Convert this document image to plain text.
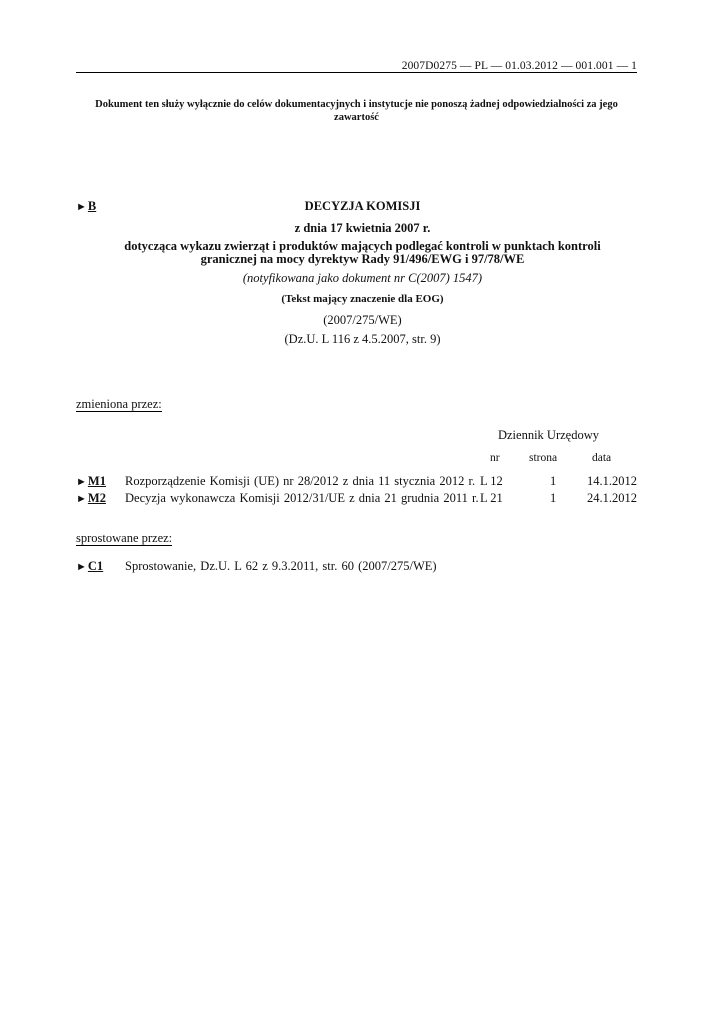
2007D0275 — PL — 01.03.2012 — 001.001 — 1
Dokument ten służy wyłącznie do celów dokumentacyjnych i instytucje nie ponoszą żadnej odpowiedzialności za jego zawartość
►B	DECYZJA KOMISJI
z dnia 17 kwietnia 2007 r.
dotycząca wykazu zwierząt i produktów mających podlegać kontroli w punktach kontroli granicznej na mocy dyrektyw Rady 91/496/EWG i 97/78/WE
(notyfikowana jako dokument nr C(2007) 1547)
(Tekst mający znaczenie dla EOG)
(2007/275/WE)
(Dz.U. L 116 z 4.5.2007, str. 9)
zmieniona przez:
Dziennik Urzędowy
nr	strona	data
►M1 Rozporządzenie Komisji (UE) nr 28/2012 z dnia 11 stycznia 2012 r. L 12	1 14.1.2012
►M2 Decyzja wykonawcza Komisji 2012/31/UE z dnia 21 grudnia 2011 r. L 21	1 24.1.2012
sprostowane przez:
►C1 Sprostowanie, Dz.U. L 62 z 9.3.2011, str. 60 (2007/275/WE)
